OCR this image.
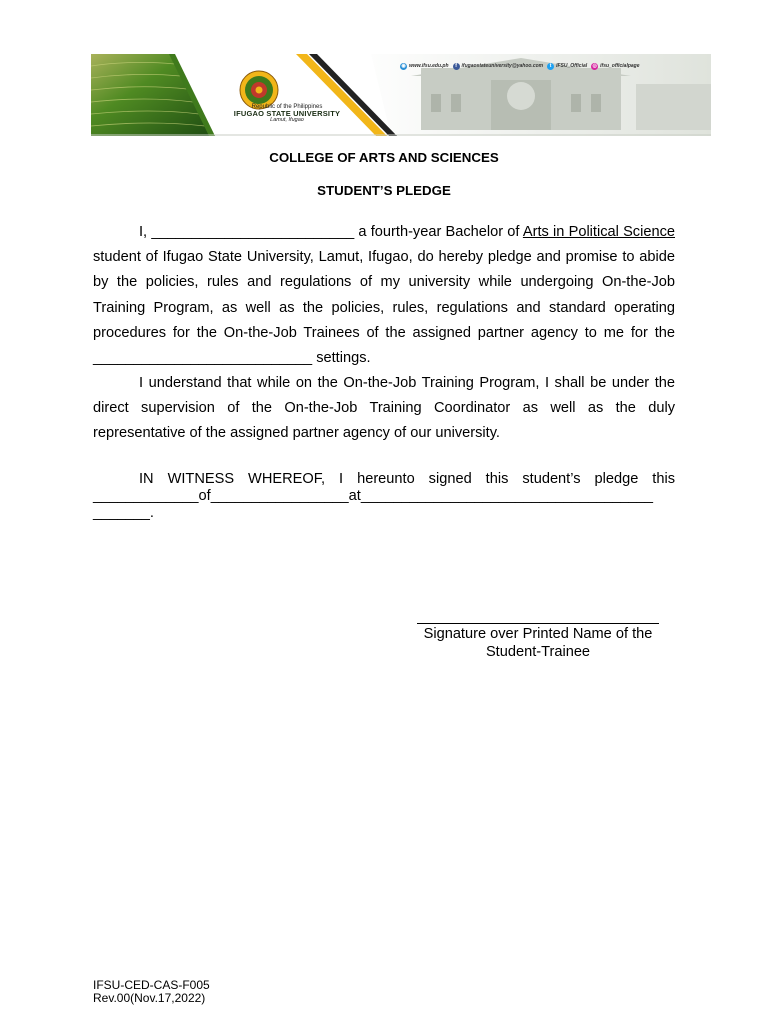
◉ www.ifsu.edu.ph	f ifugaostateuniversity@yahoo.com	t IFSU_Official ◎ ifsu_officialpage
Republic of the Philippines
IFUGAO STATE UNIVERSITY
Lamut, Ifugao
COLLEGE OF ARTS AND SCIENCES
STUDENT’S PLEDGE

I, _________________________ a fourth-year Bachelor of Arts in Political Science student of Ifugao State University, Lamut, Ifugao, do hereby pledge and promise to abide by the policies, rules and regulations of my university while undergoing On-the-Job Training Program, as well as the policies, rules, regulations and standard operating procedures for the On-the-Job Trainees of the assigned partner agency to me for the ___________________________ settings.

I understand that while on the On-the-Job Training Program, I shall be under the direct supervision of the On-the-Job Training Coordinator as well as the duly representative of the assigned partner agency of our university.

IN WITNESS WHEREOF, I hereunto signed this student’s pledge this _____________of_________________at____________________________________ _______.

Signature over Printed Name of the
Student-Trainee
IFSU-CED-CAS-F005
Rev.00(Nov.17,2022)
